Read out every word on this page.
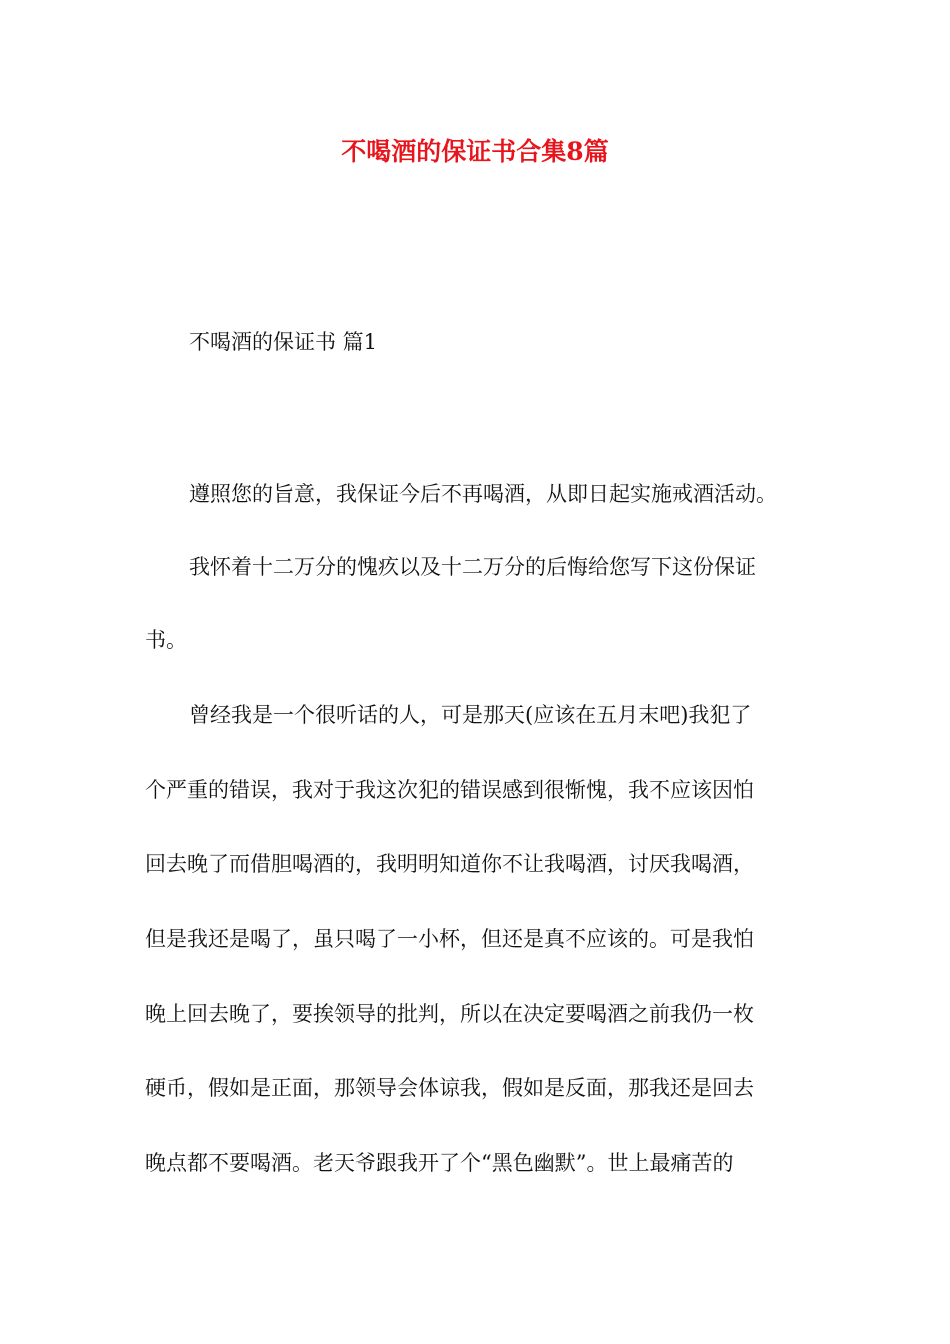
不喝酒的保证书合集8篇

不喝酒的保证书 篇1

遵照您的旨意，我保证今后不再喝酒，从即日起实施戒酒活动。

我怀着十二万分的愧疚以及十二万分的后悔给您写下这份保证

书。

曾经我是一个很听话的人，可是那天(应该在五月末吧)我犯了

个严重的错误，我对于我这次犯的错误感到很惭愧，我不应该因怕

回去晚了而借胆喝酒的，我明明知道你不让我喝酒，讨厌我喝酒，

但是我还是喝了，虽只喝了一小杯，但还是真不应该的。可是我怕

晚上回去晚了，要挨领导的批判，所以在决定要喝酒之前我仍一枚

硬币，假如是正面，那领导会体谅我，假如是反面，那我还是回去

晚点都不要喝酒。老天爷跟我开了个“黑色幽默”。世上最痛苦的
